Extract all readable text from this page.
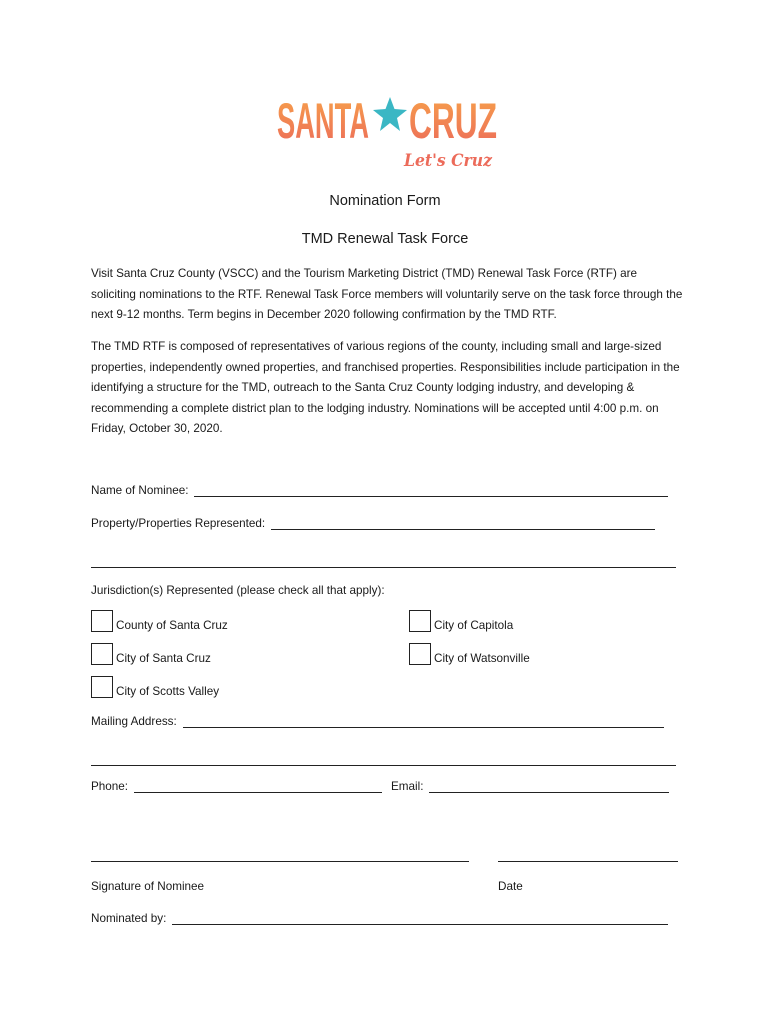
SANTA CRUZ
Let's Cruz
Nomination Form
TMD Renewal Task Force

Visit Santa Cruz County (VSCC) and the Tourism Marketing District (TMD) Renewal Task Force (RTF) are soliciting nominations to the RTF. Renewal Task Force members will voluntarily serve on the task force through the next 9-12 months. Term begins in December 2020 following confirmation by the TMD RTF.

The TMD RTF is composed of representatives of various regions of the county, including small and large-sized properties, independently owned properties, and franchised properties. Responsibilities include participation in the identifying a structure for the TMD, outreach to the Santa Cruz County lodging industry, and developing & recommending a complete district plan to the lodging industry. Nominations will be accepted until 4:00 p.m. on Friday, October 30, 2020.

Name of Nominee:
Property/Properties Represented:
Jurisdiction(s) Represented (please check all that apply):
County of Santa Cruz	City of Capitola
City of Santa Cruz	City of Watsonville
City of Scotts Valley
Mailing Address:
Phone:	Email:
Signature of Nominee	Date
Nominated by:
